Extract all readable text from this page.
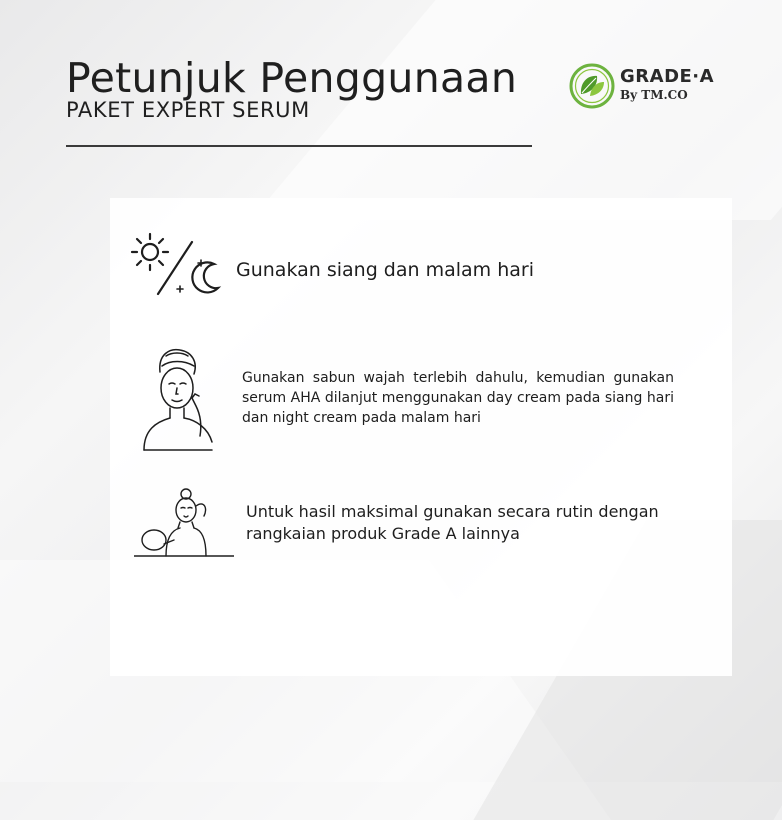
Petunjuk Penggunaan
PAKET EXPERT SERUM
GRADE·A
By TM.CO
Gunakan siang dan malam hari
Gunakan sabun wajah terlebih dahulu, kemudian gunakan serum AHA dilanjut menggunakan day cream pada siang hari dan night cream pada malam hari
Untuk hasil maksimal gunakan secara rutin dengan rangkaian produk Grade A lainnya
